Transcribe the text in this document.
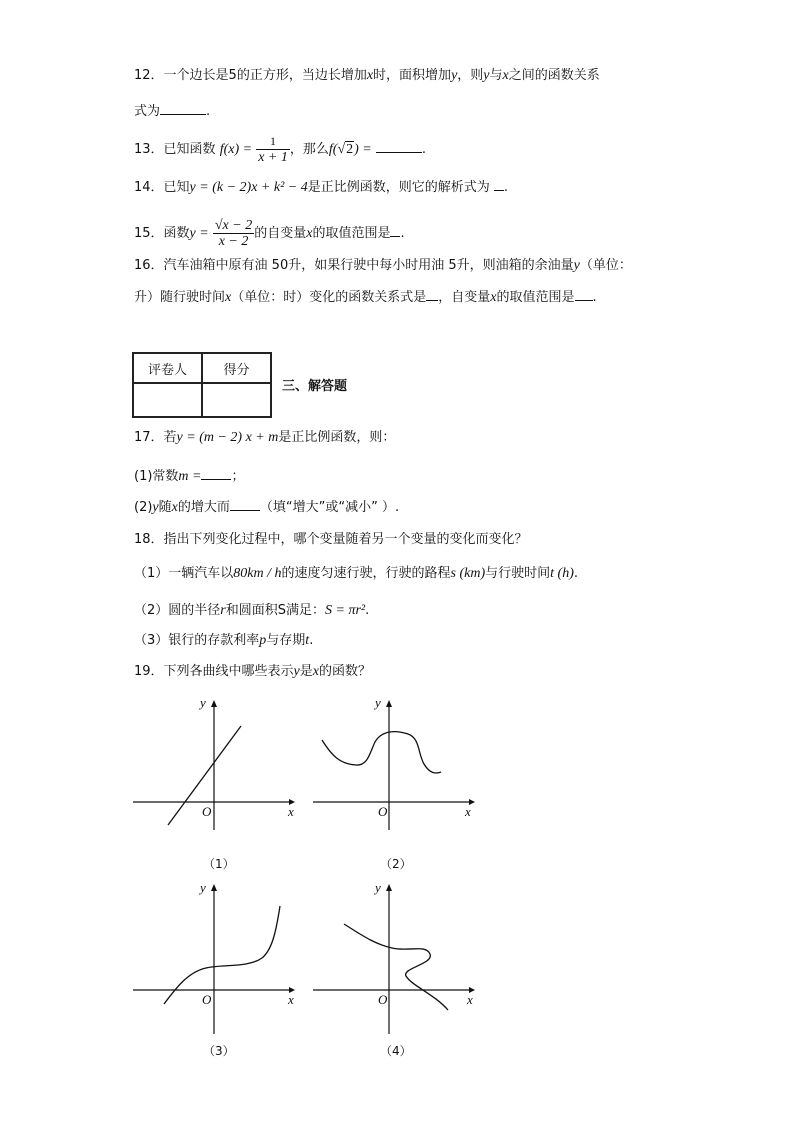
12．一个边长是5的正方形，当边长增加x时，面积增加y，则y与x之间的函数关系
式为	.
13．已知函数 $f(x) = \frac{1}{x + 1}$ ，那么f(√2) =	.
14．已知y = (k − 2)x + k² − 4是正比例函数，则它的解析式为 .
15．函数$y = \frac{√x - 2}{x - 2}$ 的自变量x的取值范围是 .
16．汽车油箱中原有油 50升，如果行驶中每小时用油 5升，则油箱的余油量y（单位：
升）随行驶时间x（单位：时）变化的函数关系式是 ，自变量x的取值范围是 .
评卷人	得分

三、解答题
17．若y = (m − 2) x + m是正比例函数，则：
(1)常数m = ；
(2)y随x的增大而 （填“增大”或“减小” ）.
18．指出下列变化过程中，哪个变量随着另一个变量的变化而变化？
（1）一辆汽车以80km / h的速度匀速行驶，行驶的路程s (km)与行驶时间t (h).
（2）圆的半径r和圆面积S满足：S = πr².
（3）银行的存款利率p与存期t.
19．下列各曲线中哪些表示y是x的函数？
y
x
O
（1）
y
x
O
（2）
y
x
O
（3）
y
x
O
（4）
